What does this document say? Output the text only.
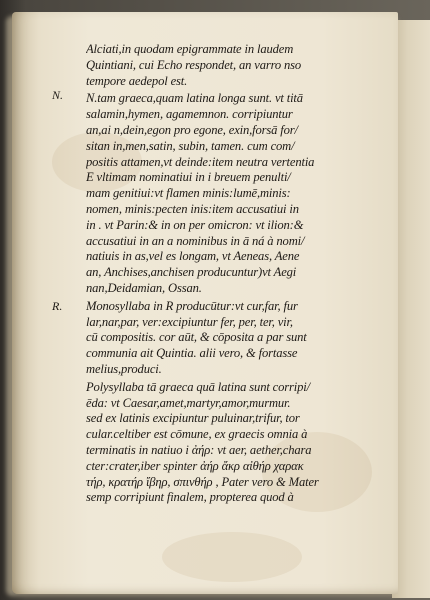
N.
R.
Alciati,in quodam epigrammate in laudem
Quintiani, cui Echo respondet, an varro nso
tempore aedepol est.
N.tam graeca,quam latina longa sunt. vt titā
salamin,hymen, agamemnon. corripiuntur
an,ai n,dein,egon pro egone, exin,forsā for/
sitan in,men,satin, subin, tamen. cum com/
positis attamen,vt deinde:item neutra vertentia
E vltimam nominatiui in i breuem penulti/
mam genitiui:vt flamen minis:lumē,minis:
nomen, minis:pecten inis:item accusatiui in
in . vt Parin:& in on per omicron: vt ilion:&
accusatiui in an a nominibus in ā ná à nomi/
natiuis in as,vel es longam, vt Aeneas, Aene
an, Anchises,anchisen producuntur)vt Aegi
nan,Deidamian, Ossan.
Monosyllaba in R producūtur:vt cur,far, fur
lar,nar,par, ver:excipiuntur fer, per, ter, vir,
cū compositis. cor aūt, & cōposita a par sunt
communia ait Quintia. alii vero, & fortasse
melius,produci.
Polysyllaba tā graeca quā latina sunt corripi/
ēda: vt Caesar,amet,martyr,amor,murmur.
sed ex latinis excipiuntur puluinar,trifur, tor
cular.celtiber est cōmune, ex graecis omnia à
terminatis in natiuo i ἀήρ: vt aer, aether,chara
cter:crater,iber spinter ἀήρ ἄκρ αἰθήρ χαρακ
τήρ, κρατήρ ἴβηρ, σπινθήρ , Pater vero & Mater
semp corripiunt finalem, propterea quod à
